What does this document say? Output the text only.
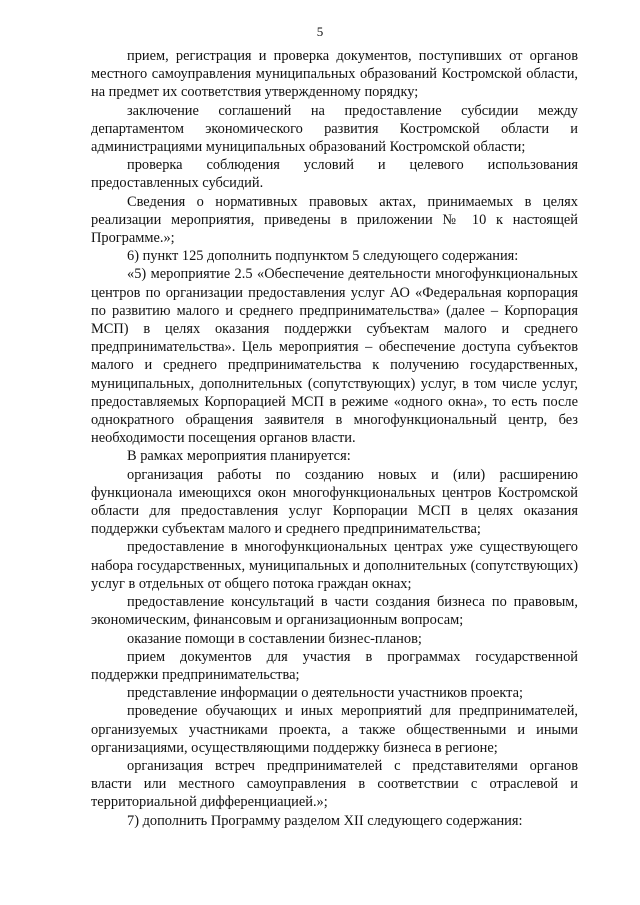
5

прием, регистрация и проверка документов, поступивших от органов местного самоуправления муниципальных образований Костромской области, на предмет их соответствия утвержденному порядку;

заключение соглашений на предоставление субсидии между департаментом экономического развития Костромской области и администрациями муниципальных образований Костромской области;

проверка соблюдения условий и целевого использования предоставленных субсидий.

Сведения о нормативных правовых актах, принимаемых в целях реализации мероприятия, приведены в приложении № 10 к настоящей Программе.»;

6) пункт 125 дополнить подпунктом 5 следующего содержания:

«5) мероприятие 2.5 «Обеспечение деятельности многофункциональных центров по организации предоставления услуг АО «Федеральная корпорация по развитию малого и среднего предпринимательства» (далее – Корпорация МСП) в целях оказания поддержки субъектам малого и среднего предпринимательства». Цель мероприятия – обеспечение доступа субъектов малого и среднего предпринимательства к получению государственных, муниципальных, дополнительных (сопутствующих) услуг, в том числе услуг, предоставляемых Корпорацией МСП в режиме «одного окна», то есть после однократного обращения заявителя в многофункциональный центр, без необходимости посещения органов власти.

В рамках мероприятия планируется:

организация работы по созданию новых и (или) расширению функционала имеющихся окон многофункциональных центров Костромской области для предоставления услуг Корпорации МСП в целях оказания поддержки субъектам малого и среднего предпринимательства;

предоставление в многофункциональных центрах уже существующего набора государственных, муниципальных и дополнительных (сопутствующих) услуг в отдельных от общего потока граждан окнах;

предоставление консультаций в части создания бизнеса по правовым, экономическим, финансовым и организационным вопросам;

оказание помощи в составлении бизнес-планов;

прием документов для участия в программах государственной поддержки предпринимательства;

представление информации о деятельности участников проекта;

проведение обучающих и иных мероприятий для предпринимателей, организуемых участниками проекта, а также общественными и иными организациями, осуществляющими поддержку бизнеса в регионе;

организация встреч предпринимателей с представителями органов власти или местного самоуправления в соответствии с отраслевой и территориальной дифференциацией.»;

7) дополнить Программу разделом XII следующего содержания:
